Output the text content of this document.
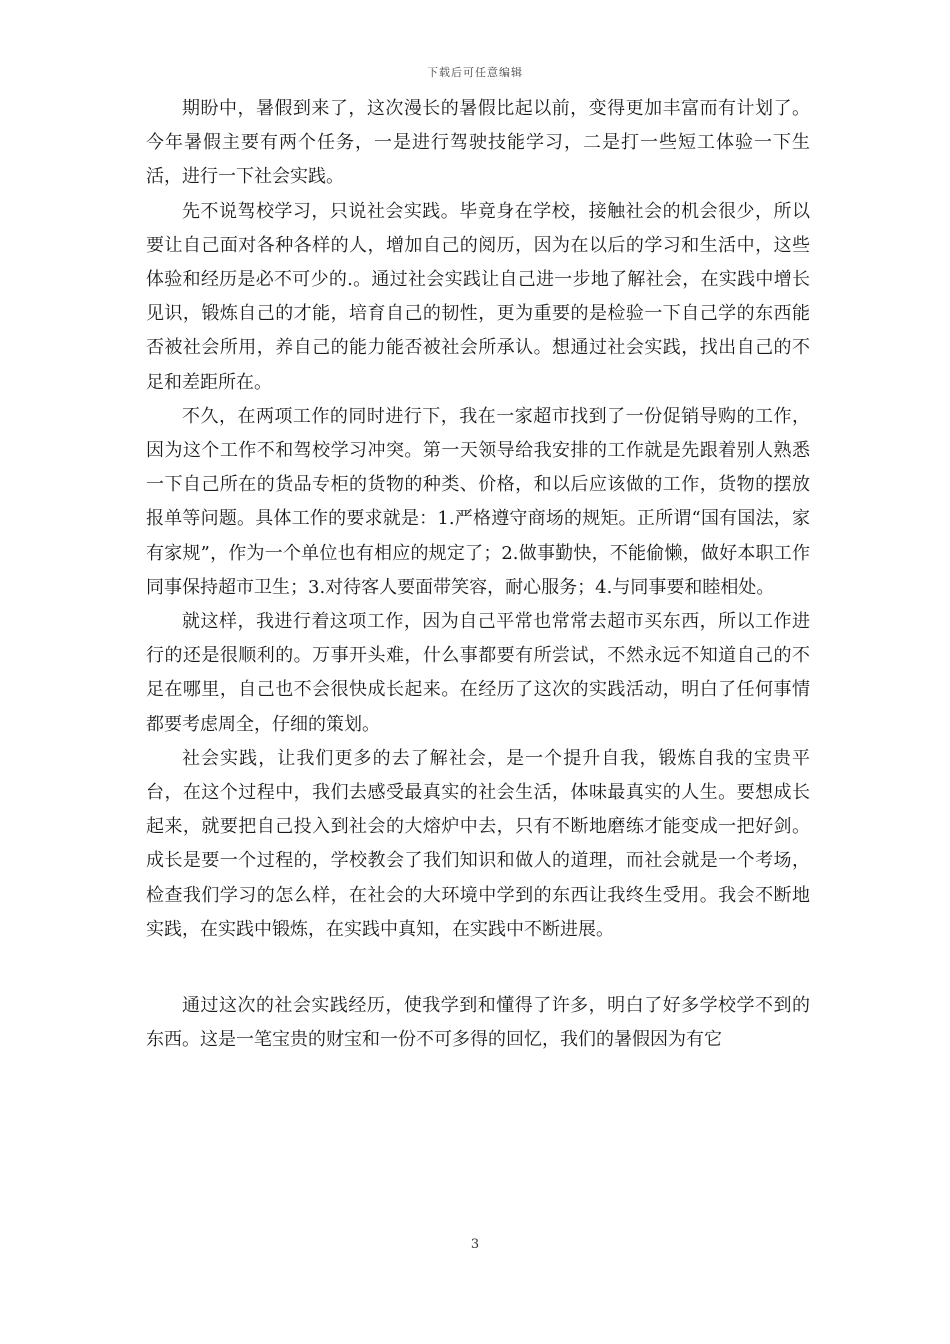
下载后可任意编辑

期盼中，暑假到来了，这次漫长的暑假比起以前，变得更加丰富而有计划了。今年暑假主要有两个任务，一是进行驾驶技能学习，二是打一些短工体验一下生活，进行一下社会实践。

先不说驾校学习，只说社会实践。毕竟身在学校，接触社会的机会很少，所以要让自己面对各种各样的人，增加自己的阅历，因为在以后的学习和生活中，这些体验和经历是必不可少的.。通过社会实践让自己进一步地了解社会，在实践中增长见识，锻炼自己的才能，培育自己的韧性，更为重要的是检验一下自己学的东西能否被社会所用，养自己的能力能否被社会所承认。想通过社会实践，找出自己的不足和差距所在。

不久，在两项工作的同时进行下，我在一家超市找到了一份促销导购的工作，因为这个工作不和驾校学习冲突。第一天领导给我安排的工作就是先跟着别人熟悉一下自己所在的货品专柜的货物的种类、价格，和以后应该做的工作，货物的摆放报单等问题。具体工作的要求就是：1.严格遵守商场的规矩。正所谓“国有国法，家有家规”，作为一个单位也有相应的规定了；2.做事勤快，不能偷懒，做好本职工作同事保持超市卫生；3.对待客人要面带笑容，耐心服务；4.与同事要和睦相处。

就这样，我进行着这项工作，因为自己平常也常常去超市买东西，所以工作进行的还是很顺利的。万事开头难，什么事都要有所尝试，不然永远不知道自己的不足在哪里，自己也不会很快成长起来。在经历了这次的实践活动，明白了任何事情都要考虑周全，仔细的策划。

社会实践，让我们更多的去了解社会，是一个提升自我，锻炼自我的宝贵平台，在这个过程中，我们去感受最真实的社会生活，体味最真实的人生。要想成长起来，就要把自己投入到社会的大熔炉中去，只有不断地磨练才能变成一把好剑。成长是要一个过程的，学校教会了我们知识和做人的道理，而社会就是一个考场，检查我们学习的怎么样，在社会的大环境中学到的东西让我终生受用。我会不断地实践，在实践中锻炼，在实践中真知，在实践中不断进展。

通过这次的社会实践经历，使我学到和懂得了许多，明白了好多学校学不到的东西。这是一笔宝贵的财宝和一份不可多得的回忆，我们的暑假因为有它

3
